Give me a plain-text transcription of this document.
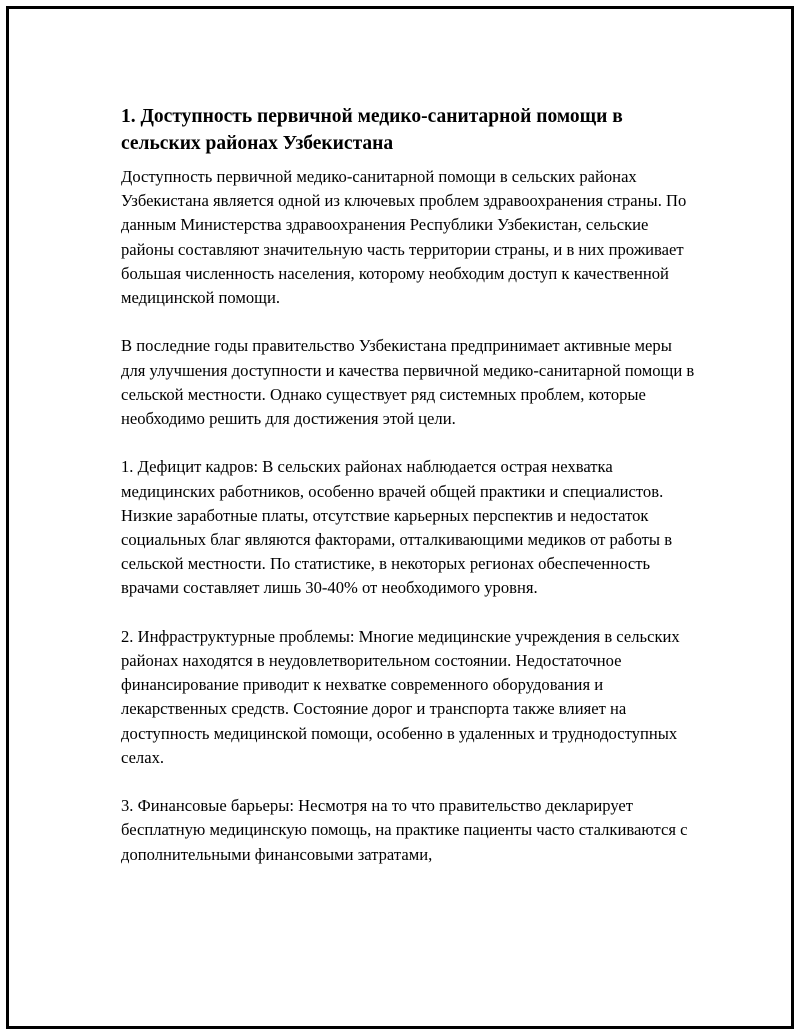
1. Доступность первичной медико-санитарной помощи в сельских районах Узбекистана
Доступность первичной медико-санитарной помощи в сельских районах Узбекистана является одной из ключевых проблем здравоохранения страны. По данным Министерства здравоохранения Республики Узбекистан, сельские районы составляют значительную часть территории страны, и в них проживает большая численность населения, которому необходим доступ к качественной медицинской помощи.
В последние годы правительство Узбекистана предпринимает активные меры для улучшения доступности и качества первичной медико-санитарной помощи в сельской местности. Однако существует ряд системных проблем, которые необходимо решить для достижения этой цели.
1. Дефицит кадров: В сельских районах наблюдается острая нехватка медицинских работников, особенно врачей общей практики и специалистов. Низкие заработные платы, отсутствие карьерных перспектив и недостаток социальных благ являются факторами, отталкивающими медиков от работы в сельской местности. По статистике, в некоторых регионах обеспеченность врачами составляет лишь 30-40% от необходимого уровня.
2. Инфраструктурные проблемы: Многие медицинские учреждения в сельских районах находятся в неудовлетворительном состоянии. Недостаточное финансирование приводит к нехватке современного оборудования и лекарственных средств. Состояние дорог и транспорта также влияет на доступность медицинской помощи, особенно в удаленных и труднодоступных селах.
3. Финансовые барьеры: Несмотря на то что правительство декларирует бесплатную медицинскую помощь, на практике пациенты часто сталкиваются с дополнительными финансовыми затратами,
